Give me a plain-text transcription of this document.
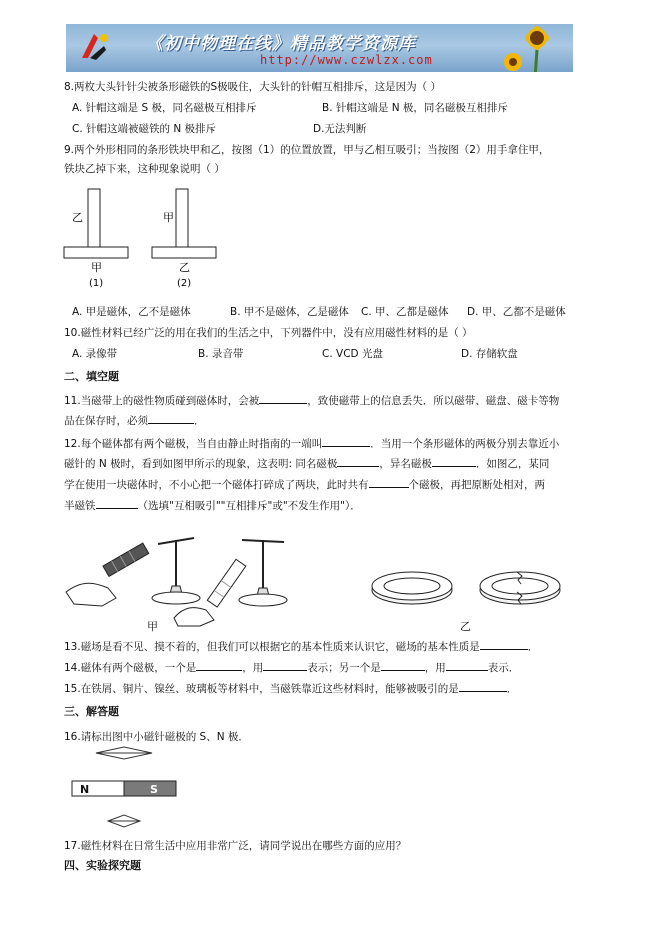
《初中物理在线》精品教学资源库
http://www.czwlzx.com
8.两枚大头针针尖被条形磁铁的S极吸住，大头针的针帽互相排斥，这是因为（ ）
A. 针帽这端是 S 极，同名磁极互相排斥	B. 针帽这端是 N 极，同名磁极互相排斥
C. 针帽这端被磁铁的 N 极排斥	D.无法判断
9.两个外形相同的条形铁块甲和乙，按图（1）的位置放置，甲与乙相互吸引；当按图（2）用手拿住甲，
铁块乙掉下来，这种现象说明（ ）
乙
甲
(1)
甲
乙
(2)
A. 甲是磁体，乙不是磁体	B. 甲不是磁体，乙是磁体 C. 甲、乙都是磁体 D. 甲、乙都不是磁体
10.磁性材料已经广泛的用在我们的生活之中，下列器件中，没有应用磁性材料的是（ ）
A. 录像带	B. 录音带	C. VCD 光盘	D. 存储软盘
二、填空题
11.当磁带上的磁性物质碰到磁体时，会被	，致使磁带上的信息丢失．所以磁带、磁盘、磁卡等物
品在保存时，必须	．
12.每个磁体都有两个磁极，当自由静止时指南的一端叫	．当用一个条形磁体的两极分别去靠近小
磁针的 N 极时，看到如图甲所示的现象，这表明: 同名磁极	，异名磁极	．如图乙，某同
学在使用一块磁体时，不小心把一个磁体打碎成了两块，此时共有	个磁极，再把原断处相对，两
半磁铁	（选填"互相吸引""互相排斥"或"不发生作用"）．
甲	乙
13.磁场是看不见、摸不着的，但我们可以根据它的基本性质来认识它，磁场的基本性质是	．
14.磁体有两个磁极，一个是	，用	表示；另一个是	，用	表示．
15.在铁屑、铜片、镍丝、玻璃板等材料中，当磁铁靠近这些材料时，能够被吸引的是	．
三、解答题
16.请标出图中小磁针磁极的 S、N 极．
N	S
17.磁性材料在日常生活中应用非常广泛，请同学说出在哪些方面的应用？
四、实验探究题
